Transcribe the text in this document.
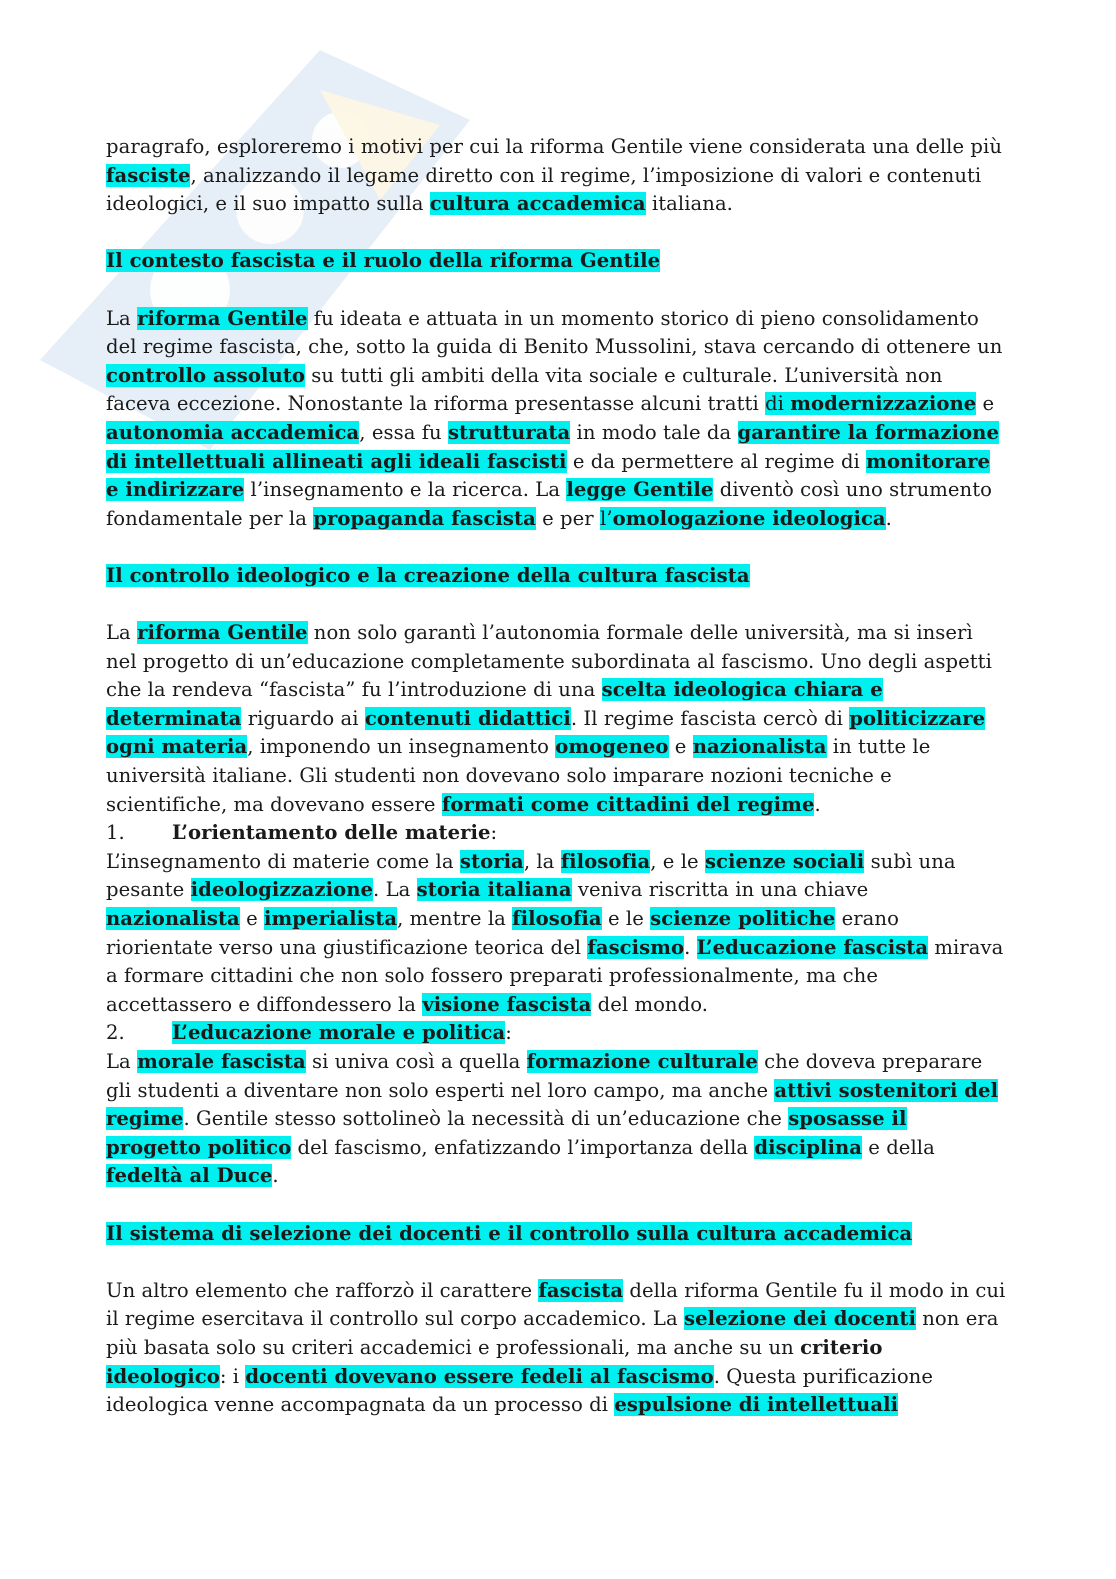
paragrafo, esploreremo i motivi per cui la riforma Gentile viene considerata una delle più fasciste, analizzando il legame diretto con il regime, l’imposizione di valori e contenuti ideologici, e il suo impatto sulla cultura accademica italiana.

Il contesto fascista e il ruolo della riforma Gentile

La riforma Gentile fu ideata e attuata in un momento storico di pieno consolidamento del regime fascista, che, sotto la guida di Benito Mussolini, stava cercando di ottenere un controllo assoluto su tutti gli ambiti della vita sociale e culturale. L’università non faceva eccezione. Nonostante la riforma presentasse alcuni tratti di modernizzazione e autonomia accademica, essa fu strutturata in modo tale da garantire la formazione di intellettuali allineati agli ideali fascisti e da permettere al regime di monitorare e indirizzare l’insegnamento e la ricerca. La legge Gentile diventò così uno strumento fondamentale per la propaganda fascista e per l’omologazione ideologica.

Il controllo ideologico e la creazione della cultura fascista

La riforma Gentile non solo garantì l’autonomia formale delle università, ma si inserì nel progetto di un’educazione completamente subordinata al fascismo. Uno degli aspetti che la rendeva “fascista” fu l’introduzione di una scelta ideologica chiara e determinata riguardo ai contenuti didattici. Il regime fascista cercò di politicizzare ogni materia, imponendo un insegnamento omogeneo e nazionalista in tutte le università italiane. Gli studenti non dovevano solo imparare nozioni tecniche e scientifiche, ma dovevano essere formati come cittadini del regime.

1. L’orientamento delle materie:

L’insegnamento di materie come la storia, la filosofia, e le scienze sociali subì una pesante ideologizzazione. La storia italiana veniva riscritta in una chiave nazionalista e imperialista, mentre la filosofia e le scienze politiche erano riorientate verso una giustificazione teorica del fascismo. L’educazione fascista mirava a formare cittadini che non solo fossero preparati professionalmente, ma che accettassero e diffondessero la visione fascista del mondo.

2. L’educazione morale e politica:

La morale fascista si univa così a quella formazione culturale che doveva preparare gli studenti a diventare non solo esperti nel loro campo, ma anche attivi sostenitori del regime. Gentile stesso sottolineò la necessità di un’educazione che sposasse il progetto politico del fascismo, enfatizzando l’importanza della disciplina e della fedeltà al Duce.

Il sistema di selezione dei docenti e il controllo sulla cultura accademica

Un altro elemento che rafforzò il carattere fascista della riforma Gentile fu il modo in cui il regime esercitava il controllo sul corpo accademico. La selezione dei docenti non era più basata solo su criteri accademici e professionali, ma anche su un criterio ideologico: i docenti dovevano essere fedeli al fascismo. Questa purificazione ideologica venne accompagnata da un processo di espulsione di intellettuali
